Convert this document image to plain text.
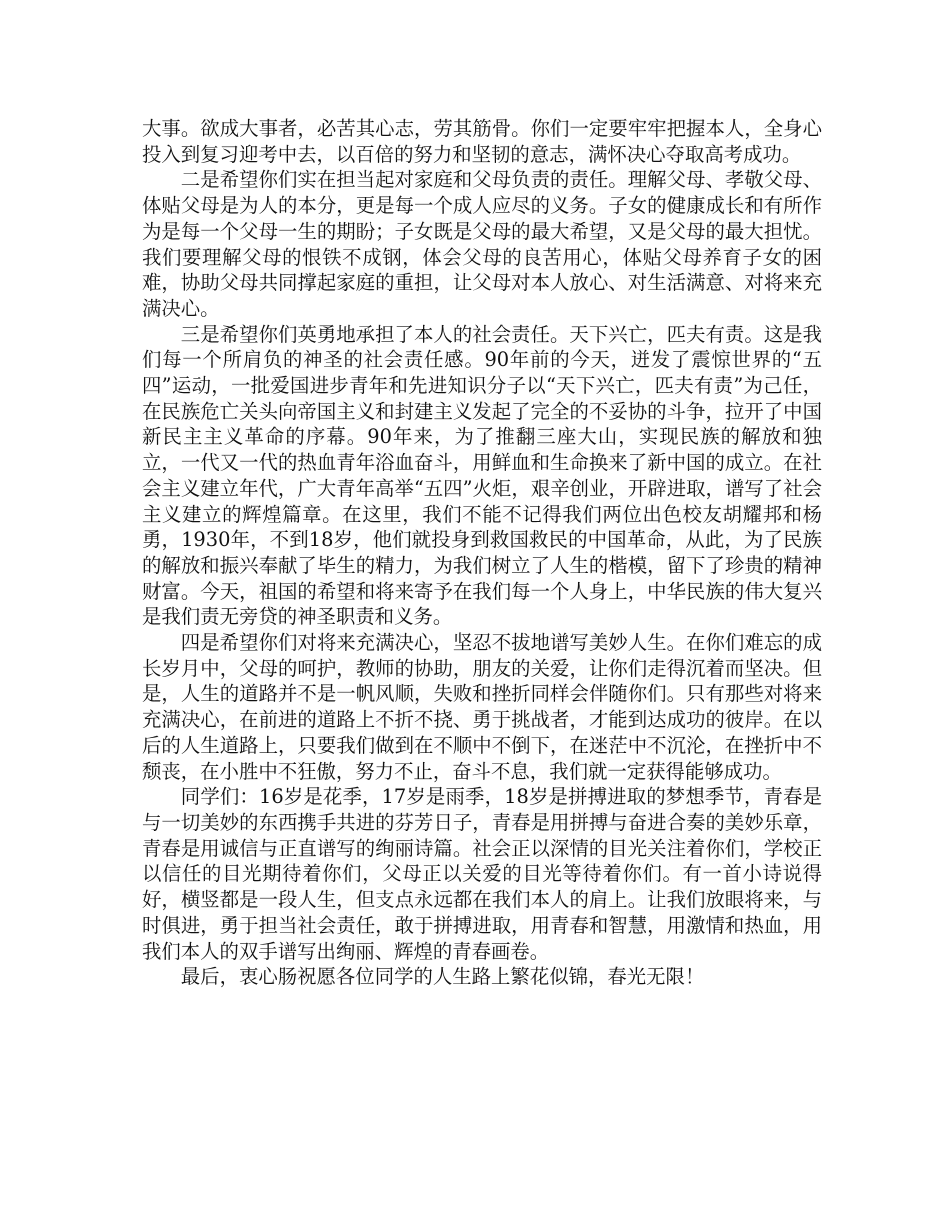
大事。欲成大事者，必苦其心志，劳其筋骨。你们一定要牢牢把握本人，全身心投入到复习迎考中去，以百倍的努力和坚韧的意志，满怀决心夺取高考成功。

二是希望你们实在担当起对家庭和父母负责的责任。理解父母、孝敬父母、体贴父母是为人的本分，更是每一个成人应尽的义务。子女的健康成长和有所作为是每一个父母一生的期盼；子女既是父母的最大希望，又是父母的最大担忧。我们要理解父母的恨铁不成钢，体会父母的良苦用心，体贴父母养育子女的困难，协助父母共同撑起家庭的重担，让父母对本人放心、对生活满意、对将来充满决心。

三是希望你们英勇地承担了本人的社会责任。天下兴亡，匹夫有责。这是我们每一个所肩负的神圣的社会责任感。90年前的今天，迸发了震惊世界的“五四”运动，一批爱国进步青年和先进知识分子以“天下兴亡，匹夫有责”为己任，在民族危亡关头向帝国主义和封建主义发起了完全的不妥协的斗争，拉开了中国新民主主义革命的序幕。90年来，为了推翻三座大山，实现民族的解放和独立，一代又一代的热血青年浴血奋斗，用鲜血和生命换来了新中国的成立。在社会主义建立年代，广大青年高举“五四”火炬，艰辛创业，开辟进取，谱写了社会主义建立的辉煌篇章。在这里，我们不能不记得我们两位出色校友胡耀邦和杨勇，1930年，不到18岁，他们就投身到救国救民的中国革命，从此，为了民族的解放和振兴奉献了毕生的精力，为我们树立了人生的楷模，留下了珍贵的精神财富。今天，祖国的希望和将来寄予在我们每一个人身上，中华民族的伟大复兴是我们责无旁贷的神圣职责和义务。

四是希望你们对将来充满决心，坚忍不拔地谱写美妙人生。在你们难忘的成长岁月中，父母的呵护，教师的协助，朋友的关爱，让你们走得沉着而坚决。但是，人生的道路并不是一帆风顺，失败和挫折同样会伴随你们。只有那些对将来充满决心，在前进的道路上不折不挠、勇于挑战者，才能到达成功的彼岸。在以后的人生道路上，只要我们做到在不顺中不倒下，在迷茫中不沉沦，在挫折中不颓丧，在小胜中不狂傲，努力不止，奋斗不息，我们就一定获得能够成功。

同学们：16岁是花季，17岁是雨季，18岁是拼搏进取的梦想季节，青春是与一切美妙的东西携手共进的芬芳日子，青春是用拼搏与奋进合奏的美妙乐章，青春是用诚信与正直谱写的绚丽诗篇。社会正以深情的目光关注着你们，学校正以信任的目光期待着你们，父母正以关爱的目光等待着你们。有一首小诗说得好，横竖都是一段人生，但支点永远都在我们本人的肩上。让我们放眼将来，与时俱进，勇于担当社会责任，敢于拼搏进取，用青春和智慧，用激情和热血，用我们本人的双手谱写出绚丽、辉煌的青春画卷。

最后，衷心肠祝愿各位同学的人生路上繁花似锦，春光无限！
